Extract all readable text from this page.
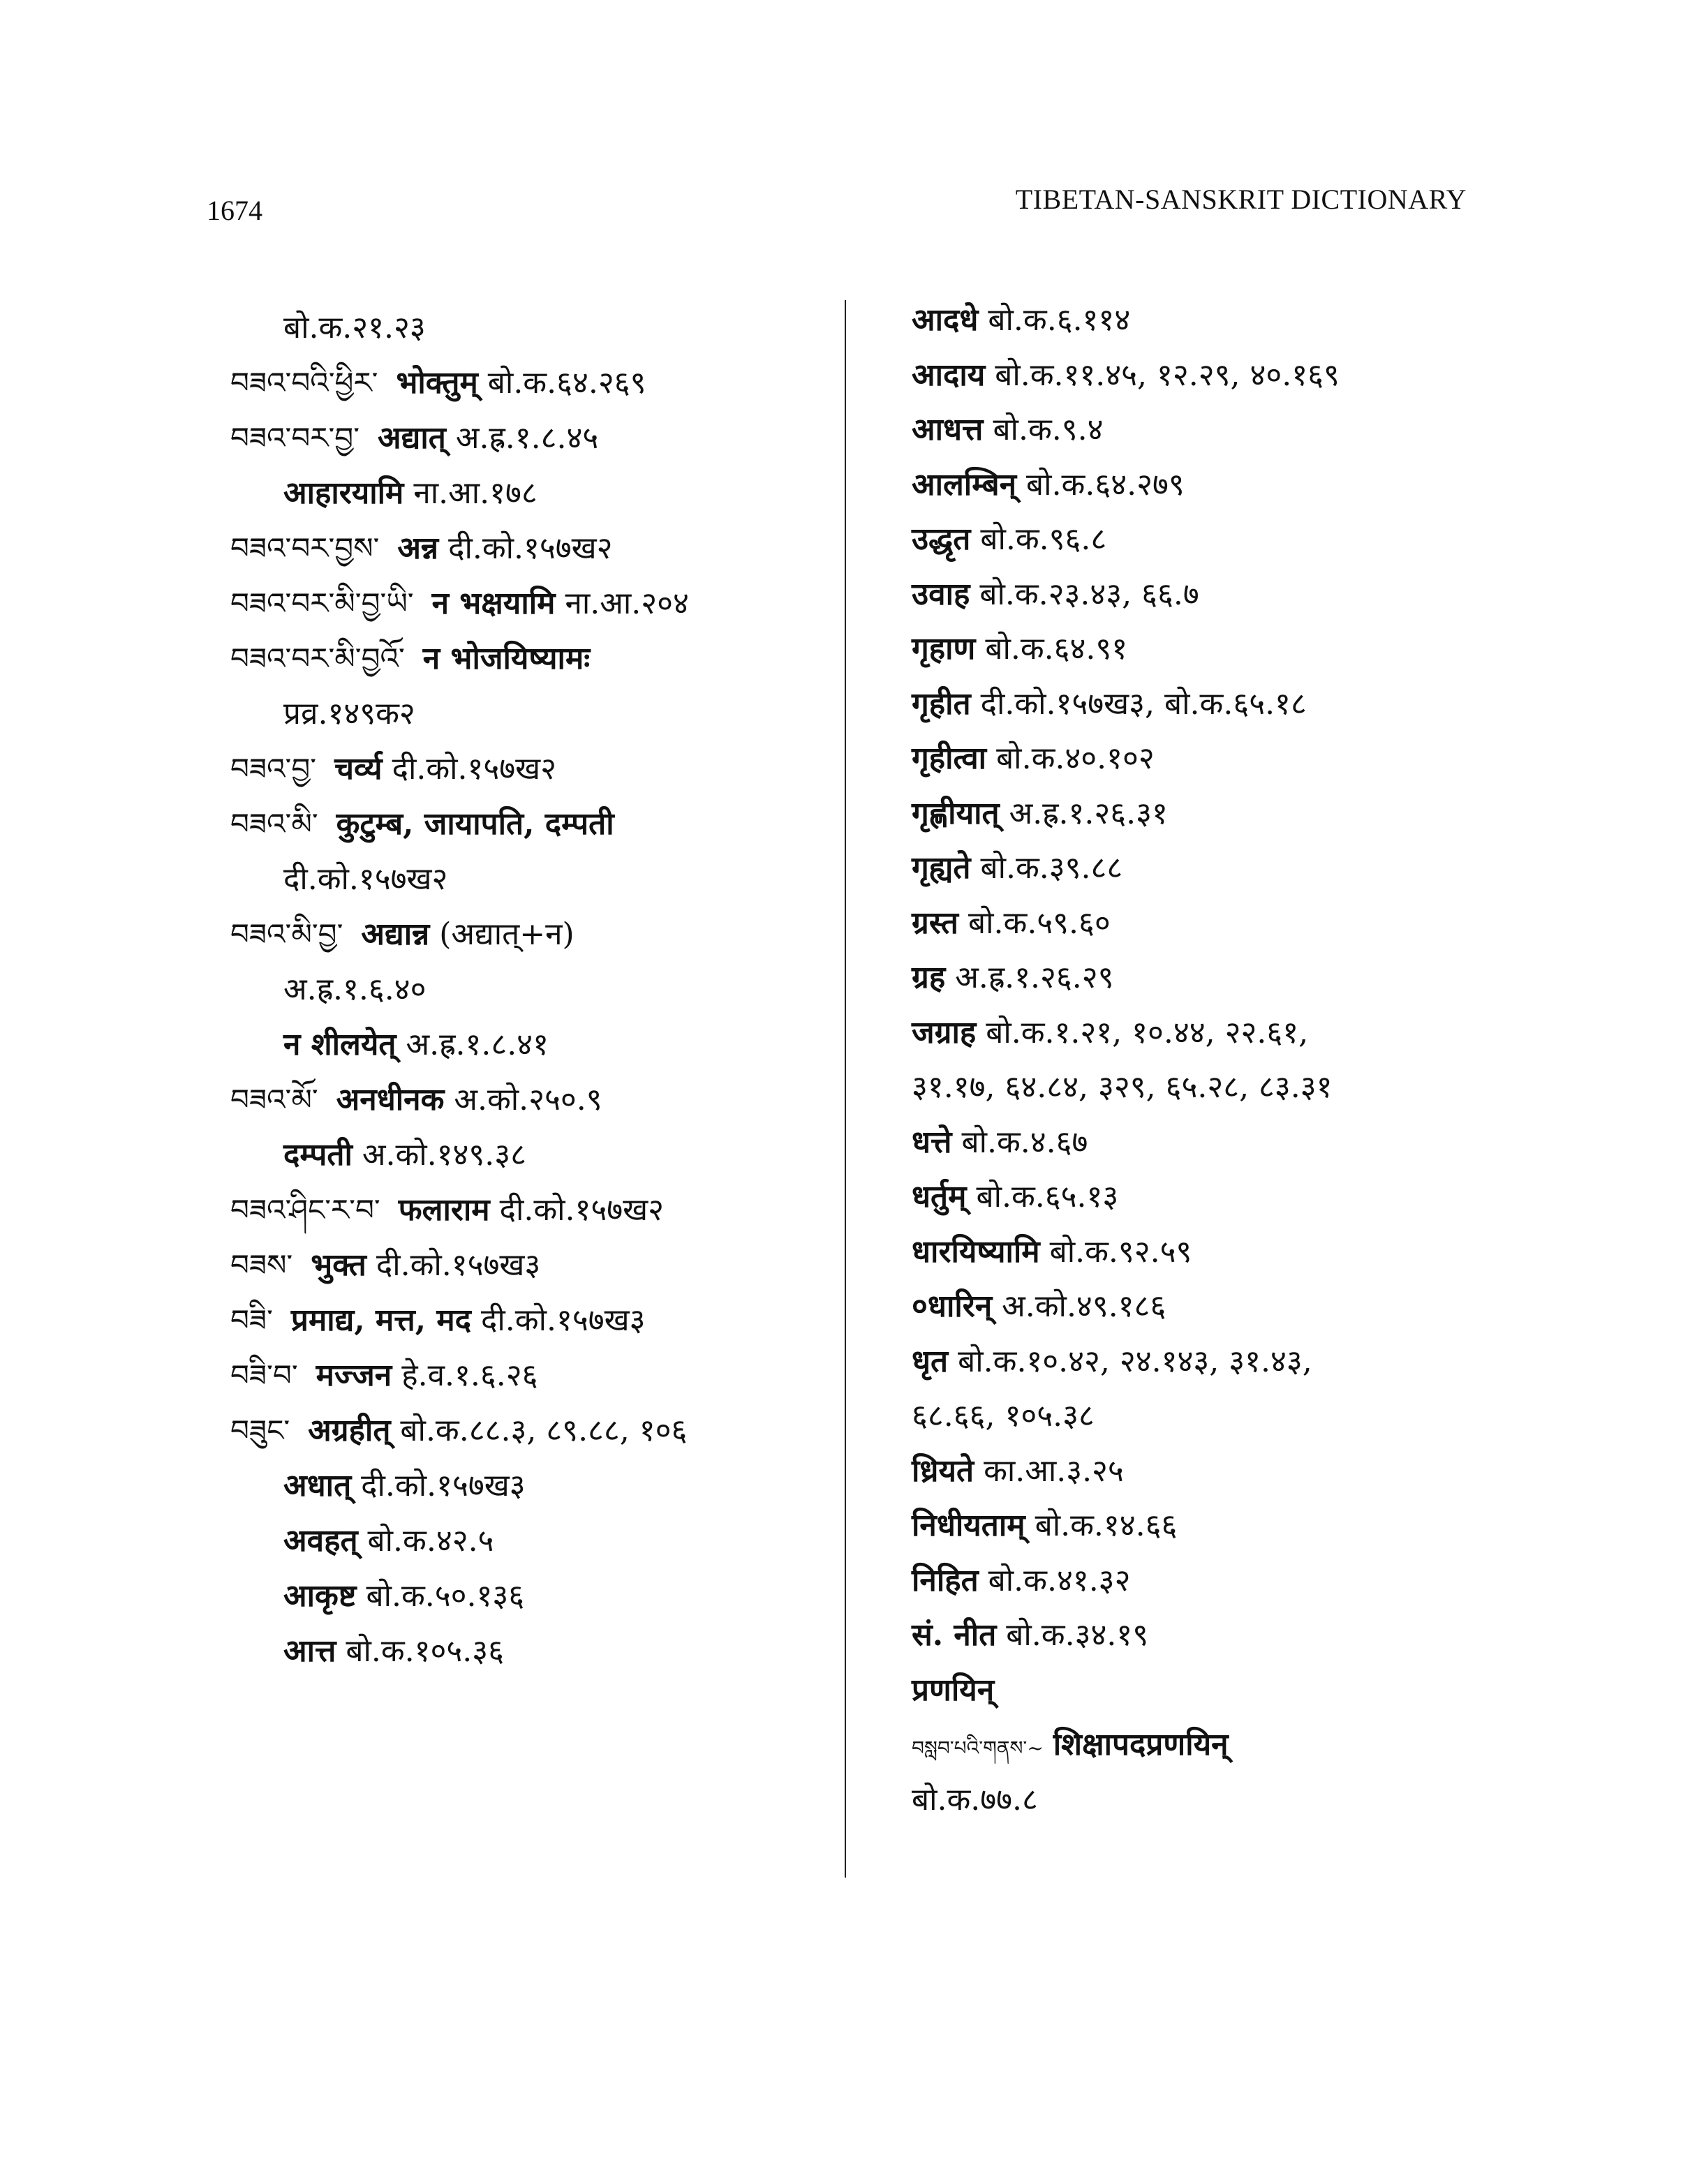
1674	TIBETAN-SANSKRIT DICTIONARY
बो.क.२१.२३
བཟའ་བའི་ཕྱིར་ भोक्तुम् बो.क.६४.२६९
བཟའ་བར་བྱ་ अद्यात् अ.ह्र.१.८.४५
आहारयामि ना.आ.१७८
བཟའ་བར་བྱས་ अन्न दी.को.१५७ख२
བཟའ་བར་མི་བྱ་ཡི་ न भक्षयामि ना.आ.२०४
བཟའ་བར་མི་བྱའོ་ न भोजयिष्यामः
प्रव्र.१४९क२
བཟའ་བྱ་ चर्व्य दी.को.१५७ख२
བཟའ་མི་ कुटुम्ब, जायापति, दम्पती
दी.को.१५७ख२
བཟའ་མི་བྱ་ अद्यान्न (अद्यात्+न)
अ.ह्र.१.६.४०
न शीलयेत् अ.ह्र.१.८.४१
བཟའ་མོ་ अनधीनक अ.को.२५०.९
दम्पती अ.को.१४९.३८
བཟའ་ཤིང་ར་བ་ फलाराम दी.को.१५७ख२
བཟས་ भुक्त दी.को.१५७ख३
བཟི་ प्रमाद्य, मत्त, मद दी.को.१५७ख३
བཟི་བ་ मज्जन हे.व.१.६.२६
བཟུང་ अग्रहीत् बो.क.८८.३, ८९.८८, १०६
अधात् दी.को.१५७ख३
अवहत् बो.क.४२.५
आकृष्ट बो.क.५०.१३६
आत्त बो.क.१०५.३६
आदधे बो.क.६.११४
आदाय बो.क.११.४५, १२.२९, ४०.१६९
आधत्त बो.क.९.४
आलम्बिन् बो.क.६४.२७९
उद्धृत बो.क.९६.८
उवाह बो.क.२३.४३, ६६.७
गृहाण बो.क.६४.९१
गृहीत दी.को.१५७ख३, बो.क.६५.१८
गृहीत्वा बो.क.४०.१०२
गृह्णीयात् अ.ह्र.१.२६.३१
गृह्यते बो.क.३९.८८
ग्रस्त बो.क.५९.६०
ग्रह अ.ह्र.१.२६.२९
जग्राह बो.क.१.२१, १०.४४, २२.६१,
३१.१७, ६४.८४, ३२९, ६५.२८, ८३.३१
धत्ते बो.क.४.६७
धर्तुम् बो.क.६५.१३
धारयिष्यामि बो.क.९२.५९
०धारिन् अ.को.४९.१८६
धृत बो.क.१०.४२, २४.१४३, ३१.४३,
६८.६६, १०५.३८
ध्रियते का.आ.३.२५
निधीयताम् बो.क.१४.६६
निहित बो.क.४१.३२
सं. नीत बो.क.३४.१९
प्रणयिन्
བསླབ་པའི་གནས་~ शिक्षापदप्रणयिन्
बो.क.७७.८
